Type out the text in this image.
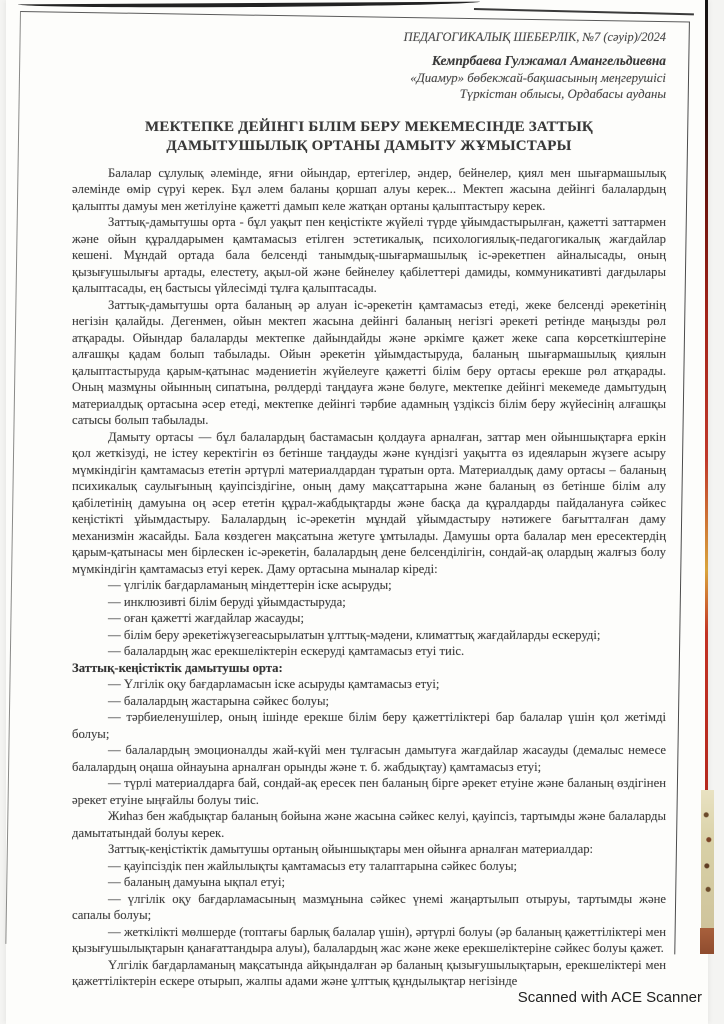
ПЕДАГОГИКАЛЫҚ ШЕБЕРЛІК, №7 (сәуір)/2024

Кемпрбаева Гулжамал Амангельдиевна
«Диамур» бөбекжай-бақшасының меңгерушісі
Түркістан облысы, Ордабасы ауданы
МЕКТЕПКЕ ДЕЙІНГІ БІЛІМ БЕРУ МЕКЕМЕСІНДЕ ЗАТТЫҚ ДАМЫТУШЫЛЫҚ ОРТАНЫ ДАМЫТУ ЖҰМЫСТАРЫ

Балалар сұлулық әлемінде, яғни ойындар, ертегілер, әндер, бейнелер, қиял мен шығармашылық әлемінде өмір сүруі керек. Бұл әлем баланы қоршап алуы керек... Мектеп жасына дейінгі балалардың қалыпты дамуы мен жетілуіне қажетті дамып келе жатқан ортаны қалыптастыру керек.

Заттық-дамытушы орта - бұл уақыт пен кеңістікте жүйелі түрде ұйымдастырылған, қажетті заттармен және ойын құралдарымен қамтамасыз етілген эстетикалық, психологиялық-педагогикалық жағдайлар кешені. Мұндай ортада бала белсенді танымдық-шығармашылық іс-әрекетпен айналысады, оның қызығушылығы артады, елестету, ақыл-ой және бейнелеу қабілеттері дамиды, коммуникативті дағдылары қалыптасады, ең бастысы үйлесімді тұлға қалыптасады.

Заттық-дамытушы орта баланың әр алуан іс-әрекетін қамтамасыз етеді, жеке белсенді әрекетінің негізін қалайды. Дегенмен, ойын мектеп жасына дейінгі баланың негізгі әрекеті ретінде маңызды рөл атқарады. Ойындар балаларды мектепке дайындайды және әркімге қажет жеке сапа көрсеткіштеріне алғашқы қадам болып табылады. Ойын әрекетін ұйымдастыруда, баланың шығармашылық қиялын қалыптастыруда қарым-қатынас мәдениетін жүйелеуге қажетті білім беру ортасы ерекше рөл атқарады. Оның мазмұны ойынның сипатына, рөлдерді таңдауға және бөлуге, мектепке дейінгі мекемеде дамытудың материалдық ортасына әсер етеді, мектепке дейінгі тәрбие адамның үздіксіз білім беру жүйесінің алғашқы сатысы болып табылады.

Дамыту ортасы — бұл балалардың бастамасын қолдауға арналған, заттар мен ойыншықтарға еркін қол жеткізуді, не істеу керектігін өз бетінше таңдауды және күндізгі уақытта өз идеяларын жүзеге асыру мүмкіндігін қамтамасыз ететін әртүрлі материалдардан тұратын орта. Материалдық даму ортасы – баланың психикалық саулығының қауіпсіздігіне, оның даму мақсаттарына және баланың өз бетінше білім алу қабілетінің дамуына оң әсер ететін құрал-жабдықтарды және басқа да құралдарды пайдалануға сәйкес кеңістікті ұйымдастыру. Балалардың іс-әрекетін мұндай ұйымдастыру нәтижеге бағытталған даму механизмін жасайды. Бала көздеген мақсатына жетуге ұмтылады. Дамушы орта балалар мен ересектердің қарым-қатынасы мен бірлескен іс-әрекетін, балалардың дене белсенділігін, сондай-ақ олардың жалғыз болу мүмкіндігін қамтамасыз етуі керек. Даму ортасына мыналар кіреді:

— үлгілік бағдарламаның міндеттерін іске асыруды;

— инклюзивті білім беруді ұйымдастыруда;

— оған қажетті жағдайлар жасауды;

— білім беру әрекетіжүзегеасырылатын ұлттық-мәдени, климаттық жағдайларды ескеруді;

— балалардың жас ерекшеліктерін ескеруді қамтамасыз етуі тиіс.

Заттық-кеңістіктік дамытушы орта:

— Үлгілік оқу бағдарламасын іске асыруды қамтамасыз етуі;

— балалардың жастарына сәйкес болуы;

— тәрбиеленушілер, оның ішінде ерекше білім беру қажеттіліктері бар балалар үшін қол жетімді болуы;

— балалардың эмоционалды жай-күйі мен тұлғасын дамытуға жағдайлар жасауды (демалыс немесе балалардың оңаша ойнауына арналған орынды және т. б. жабдықтау) қамтамасыз етуі;

— түрлі материалдарға бай, сондай-ақ ересек пен баланың бірге әрекет етуіне және баланың өздігінен әрекет етуіне ыңғайлы болуы тиіс.

Жиһаз бен жабдықтар баланың бойына және жасына сәйкес келуі, қауіпсіз, тартымды және балаларды дамытатындай болуы керек.

Заттық-кеңістіктік дамытушы ортаның ойыншықтары мен ойынға арналған материалдар:

— қауіпсіздік пен жайлылықты қамтамасыз ету талаптарына сәйкес болуы;

— баланың дамуына ықпал етуі;

— үлгілік оқу бағдарламасының мазмұнына сәйкес үнемі жаңартылып отыруы, тартымды және сапалы болуы;

— жеткілікті мөлшерде (топтағы барлық балалар үшін), әртүрлі болуы (әр баланың қажеттіліктері мен қызығушылықтарын қанағаттандыра алуы), балалардың жас және жеке ерекшеліктеріне сәйкес болуы қажет.

Үлгілік бағдарламаның мақсатында айқындалған әр баланың қызығушылықтарын, ерекшеліктері мен қажеттіліктерін ескере отырып, жалпы адами және ұлттық құндылықтар негізінде

Scanned with ACE Scanner
